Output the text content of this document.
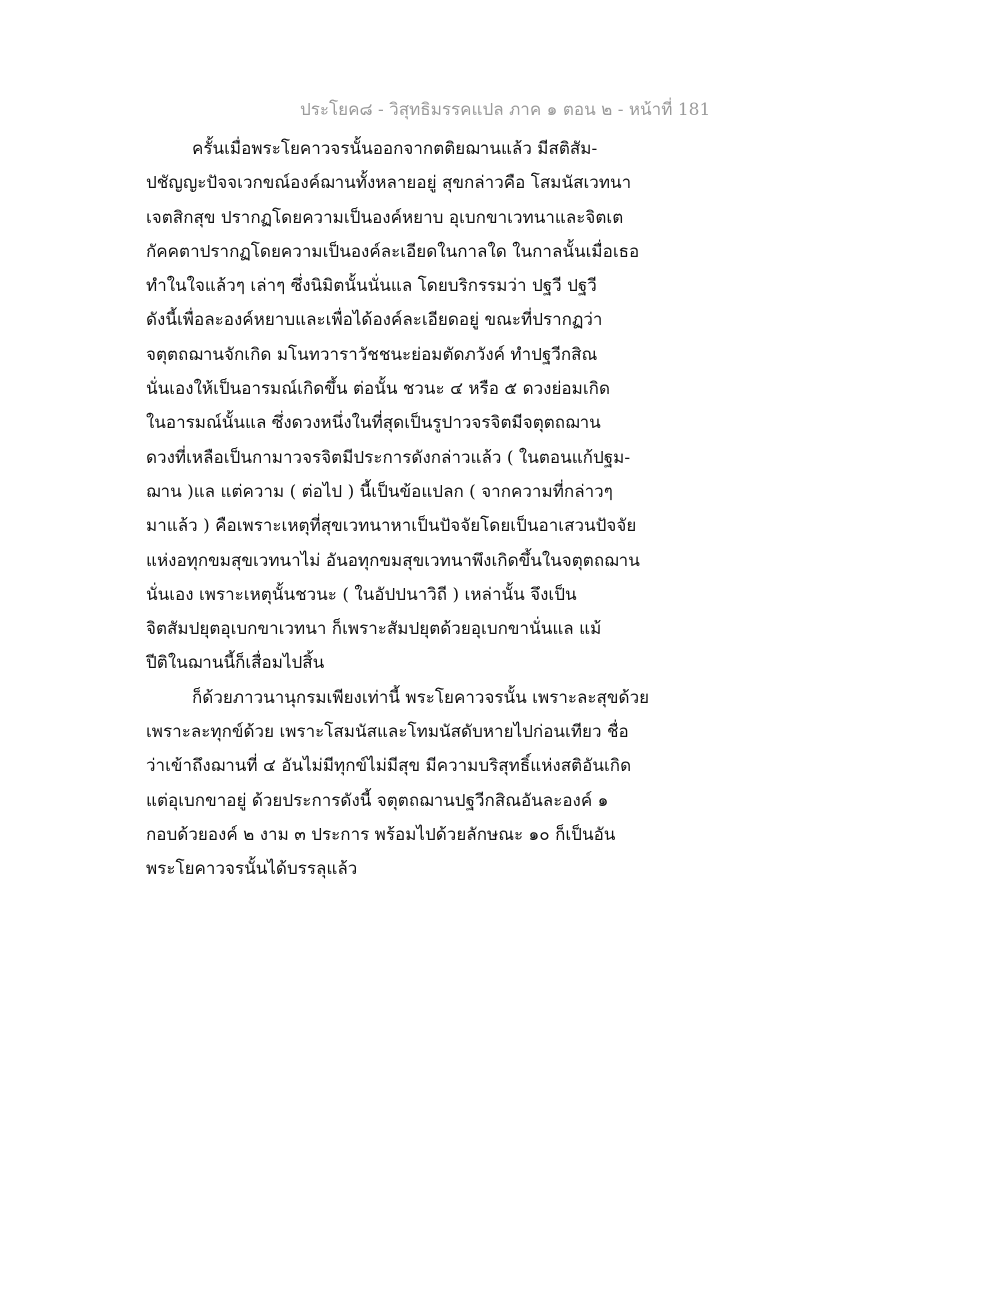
ประโยค๘ - วิสุทธิมรรคแปล ภาค ๑ ตอน ๒ - หน้าที่ 181
ครั้นเมื่อพระโยคาวจรนั้นออกจากตติยฌานแล้ว มีสติสัม-
ปชัญญะปัจจเวกขณ์องค์ฌานทั้งหลายอยู่ สุขกล่าวคือ โสมนัสเวทนา
เจตสิกสุข ปรากฏโดยความเป็นองค์หยาบ อุเบกขาเวทนาและจิตเต
กัคคตาปรากฏโดยความเป็นองค์ละเอียดในกาลใด ในกาลนั้นเมื่อเธอ
ทำในใจแล้วๆ เล่าๆ ซึ่งนิมิตนั้นนั่นแล โดยบริกรรมว่า ปฐวี ปฐวี
ดังนี้เพื่อละองค์หยาบและเพื่อได้องค์ละเอียดอยู่ ขณะที่ปรากฏว่า
จตุตถฌานจักเกิด มโนทวาราวัชชนะย่อมตัดภวังค์ ทำปฐวีกสิณ
นั่นเองให้เป็นอารมณ์เกิดขึ้น ต่อนั้น ชวนะ ๔ หรือ ๕ ดวงย่อมเกิด
ในอารมณ์นั้นแล ซึ่งดวงหนึ่งในที่สุดเป็นรูปาวจรจิตมีจตุตถฌาน
ดวงที่เหลือเป็นกามาวจรจิตมีประการดังกล่าวแล้ว ( ในตอนแก้ปฐม-
ฌาน )แล แต่ความ ( ต่อไป ) นี้เป็นข้อแปลก ( จากความที่กล่าวๆ
มาแล้ว ) คือเพราะเหตุที่สุขเวทนาหาเป็นปัจจัยโดยเป็นอาเสวนปัจจัย
แห่งอทุกขมสุขเวทนาไม่ อันอทุกขมสุขเวทนาพึงเกิดขึ้นในจตุตถฌาน
นั่นเอง เพราะเหตุนั้นชวนะ ( ในอัปปนาวิถี ) เหล่านั้น จึงเป็น
จิตสัมปยุตอุเบกขาเวทนา ก็เพราะสัมปยุตด้วยอุเบกขานั่นแล แม้
ปีติในฌานนี้ก็เสื่อมไปสิ้น
ก็ด้วยภาวนานุกรมเพียงเท่านี้ พระโยคาวจรนั้น เพราะละสุขด้วย
เพราะละทุกข์ด้วย เพราะโสมนัสและโทมนัสดับหายไปก่อนเทียว ชื่อ
ว่าเข้าถึงฌานที่ ๔ อันไม่มีทุกข์ไม่มีสุข มีความบริสุทธิ์แห่งสติอันเกิด
แต่อุเบกขาอยู่ ด้วยประการดังนี้ จตุตถฌานปฐวีกสิณอันละองค์ ๑
กอบด้วยองค์ ๒ งาม ๓ ประการ พร้อมไปด้วยลักษณะ ๑๐ ก็เป็นอัน
พระโยคาวจรนั้นได้บรรลุแล้ว
